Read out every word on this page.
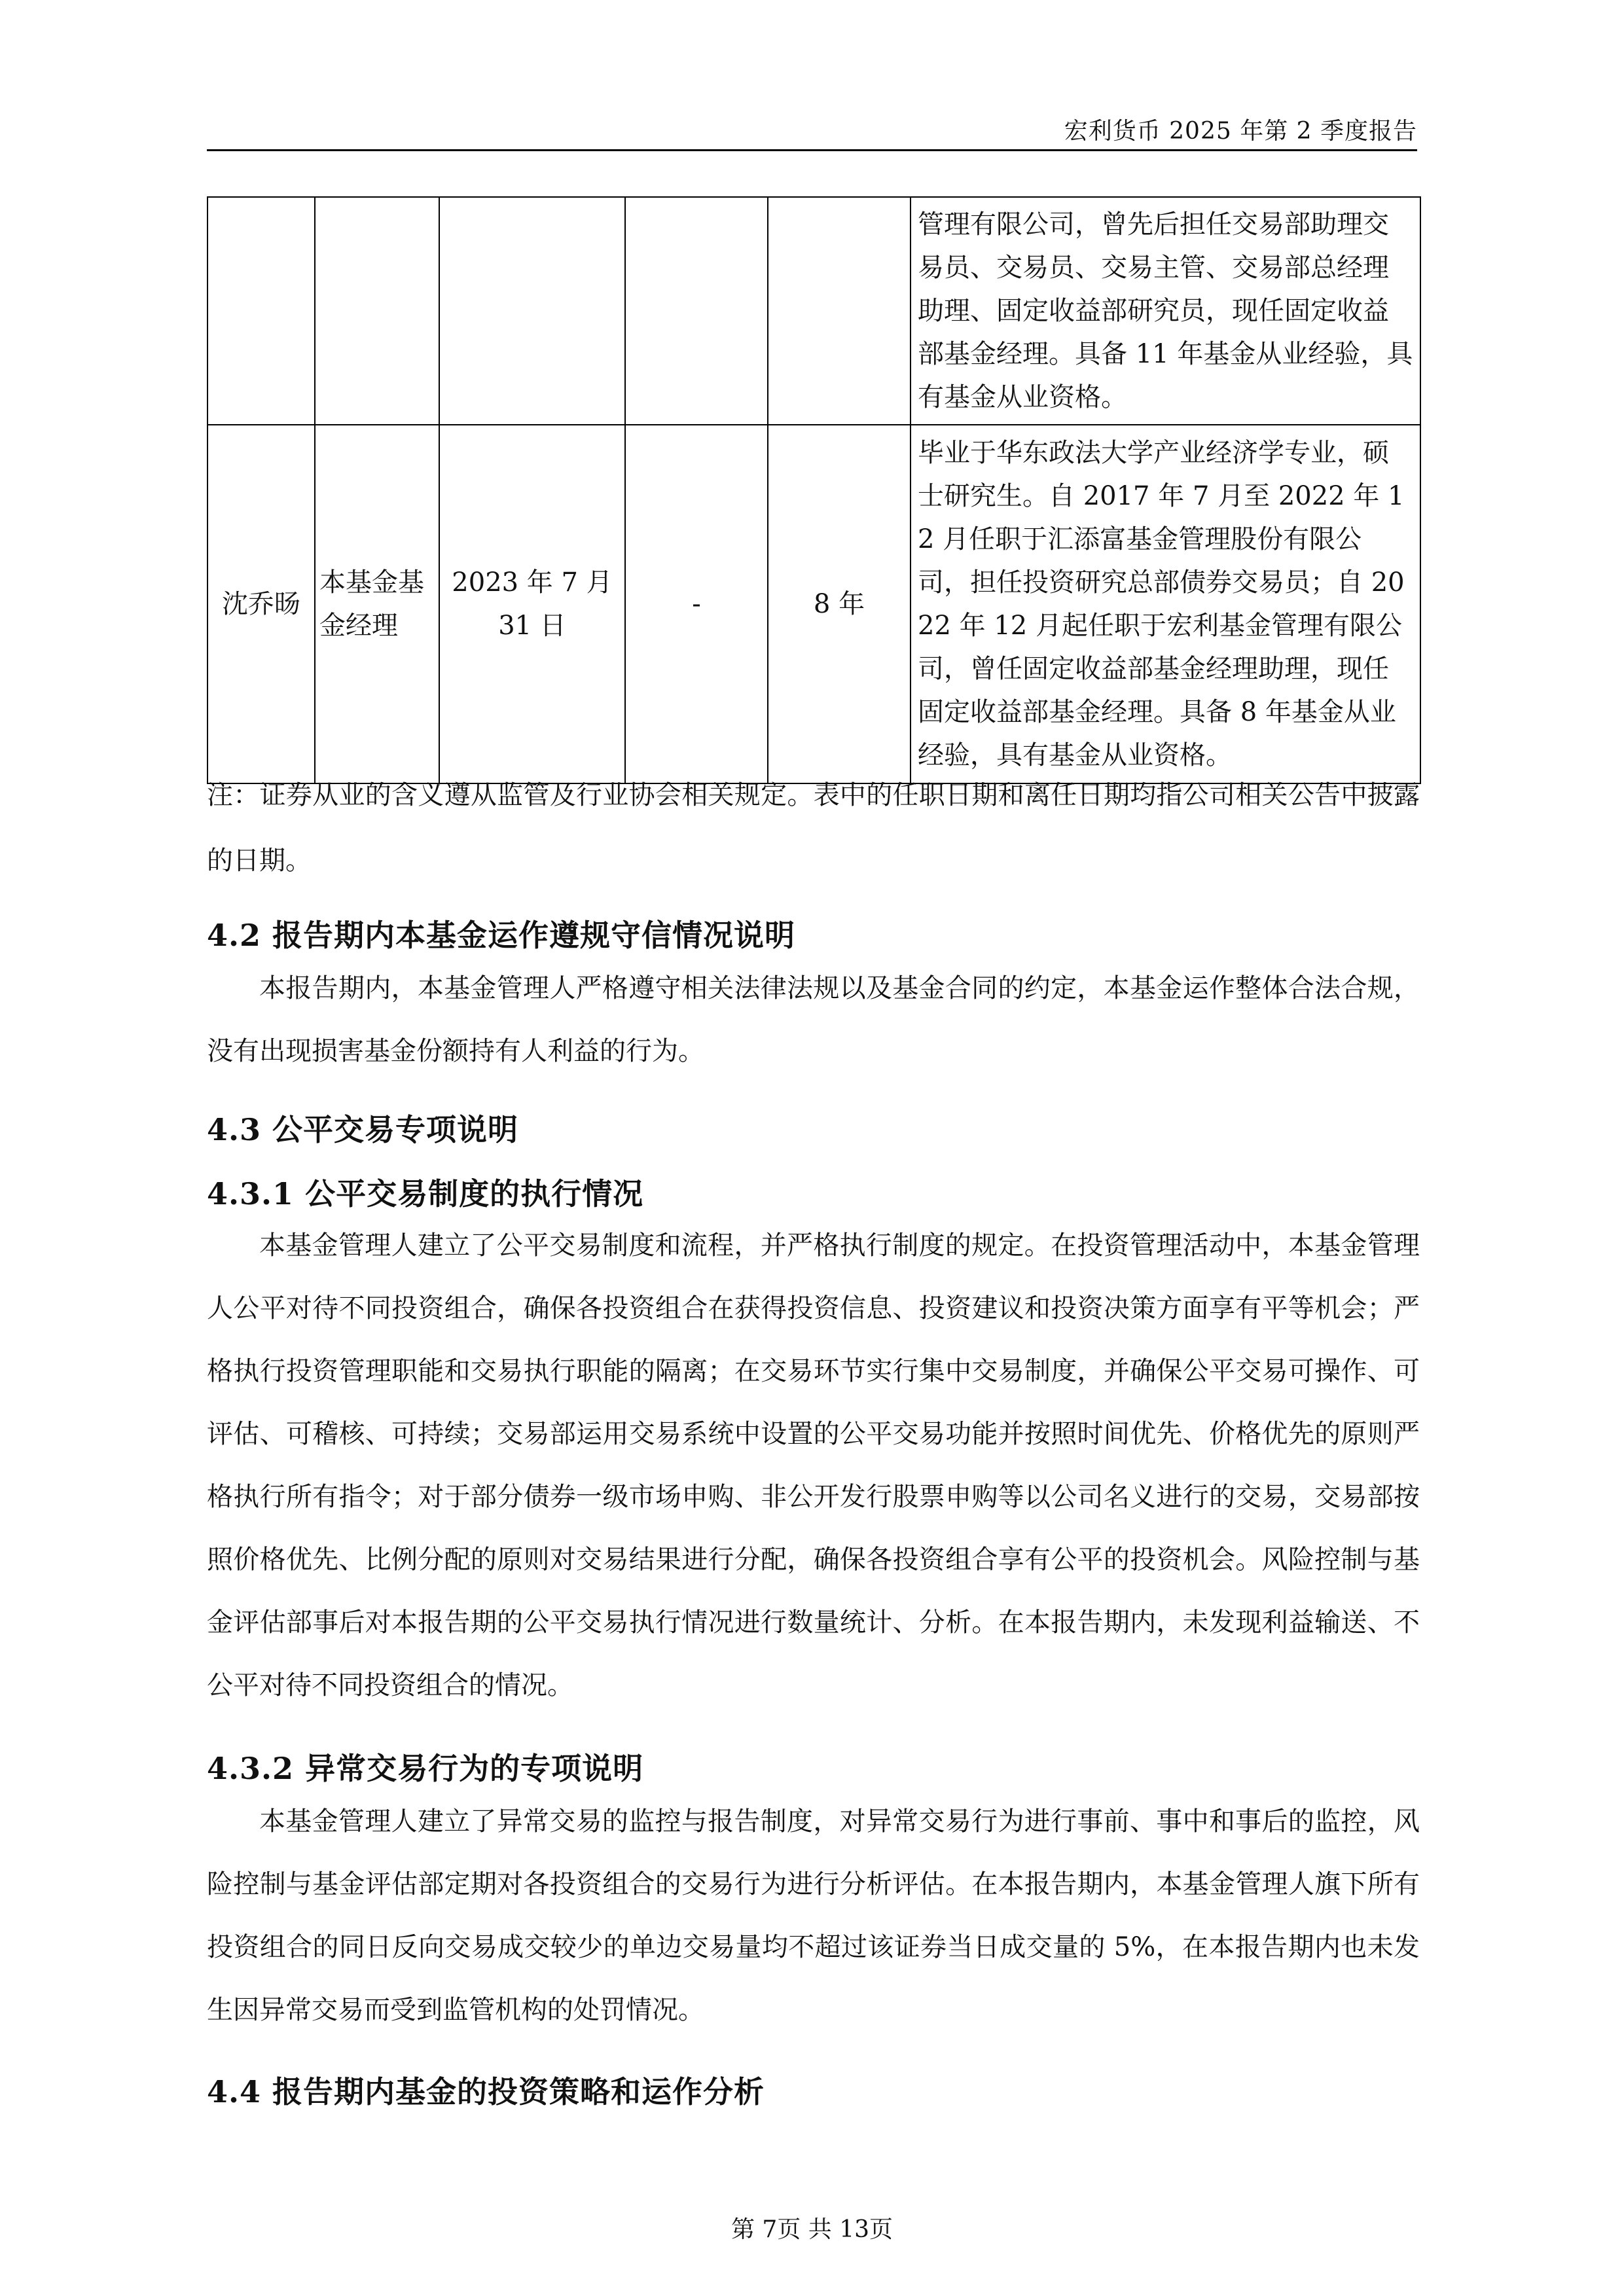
宏利货币 2025 年第 2 季度报告
					管理有限公司，曾先后担任交易部助理交易员、交易员、交易主管、交易部总经理助理、固定收益部研究员，现任固定收益部基金经理。具备 11 年基金从业经验，具有基金从业资格。
沈乔旸	本基金基金经理	2023 年 7 月 31 日	-	8 年	毕业于华东政法大学产业经济学专业，硕士研究生。自 2017 年 7 月至 2022 年 12 月任职于汇添富基金管理股份有限公司，担任投资研究总部债券交易员；自 2022 年 12 月起任职于宏利基金管理有限公司，曾任固定收益部基金经理助理，现任固定收益部基金经理。具备 8 年基金从业经验，具有基金从业资格。
注：证券从业的含义遵从监管及行业协会相关规定。表中的任职日期和离任日期均指公司相关公告中披露的日期。
4.2 报告期内本基金运作遵规守信情况说明
本报告期内，本基金管理人严格遵守相关法律法规以及基金合同的约定，本基金运作整体合法合规，没有出现损害基金份额持有人利益的行为。
4.3 公平交易专项说明
4.3.1 公平交易制度的执行情况
本基金管理人建立了公平交易制度和流程，并严格执行制度的规定。在投资管理活动中，本基金管理人公平对待不同投资组合，确保各投资组合在获得投资信息、投资建议和投资决策方面享有平等机会；严格执行投资管理职能和交易执行职能的隔离；在交易环节实行集中交易制度，并确保公平交易可操作、可评估、可稽核、可持续；交易部运用交易系统中设置的公平交易功能并按照时间优先、价格优先的原则严格执行所有指令；对于部分债券一级市场申购、非公开发行股票申购等以公司名义进行的交易，交易部按照价格优先、比例分配的原则对交易结果进行分配，确保各投资组合享有公平的投资机会。风险控制与基金评估部事后对本报告期的公平交易执行情况进行数量统计、分析。在本报告期内，未发现利益输送、不公平对待不同投资组合的情况。
4.3.2 异常交易行为的专项说明
本基金管理人建立了异常交易的监控与报告制度，对异常交易行为进行事前、事中和事后的监控，风险控制与基金评估部定期对各投资组合的交易行为进行分析评估。在本报告期内，本基金管理人旗下所有投资组合的同日反向交易成交较少的单边交易量均不超过该证券当日成交量的 5%，在本报告期内也未发生因异常交易而受到监管机构的处罚情况。
4.4 报告期内基金的投资策略和运作分析
第 7页 共 13页
